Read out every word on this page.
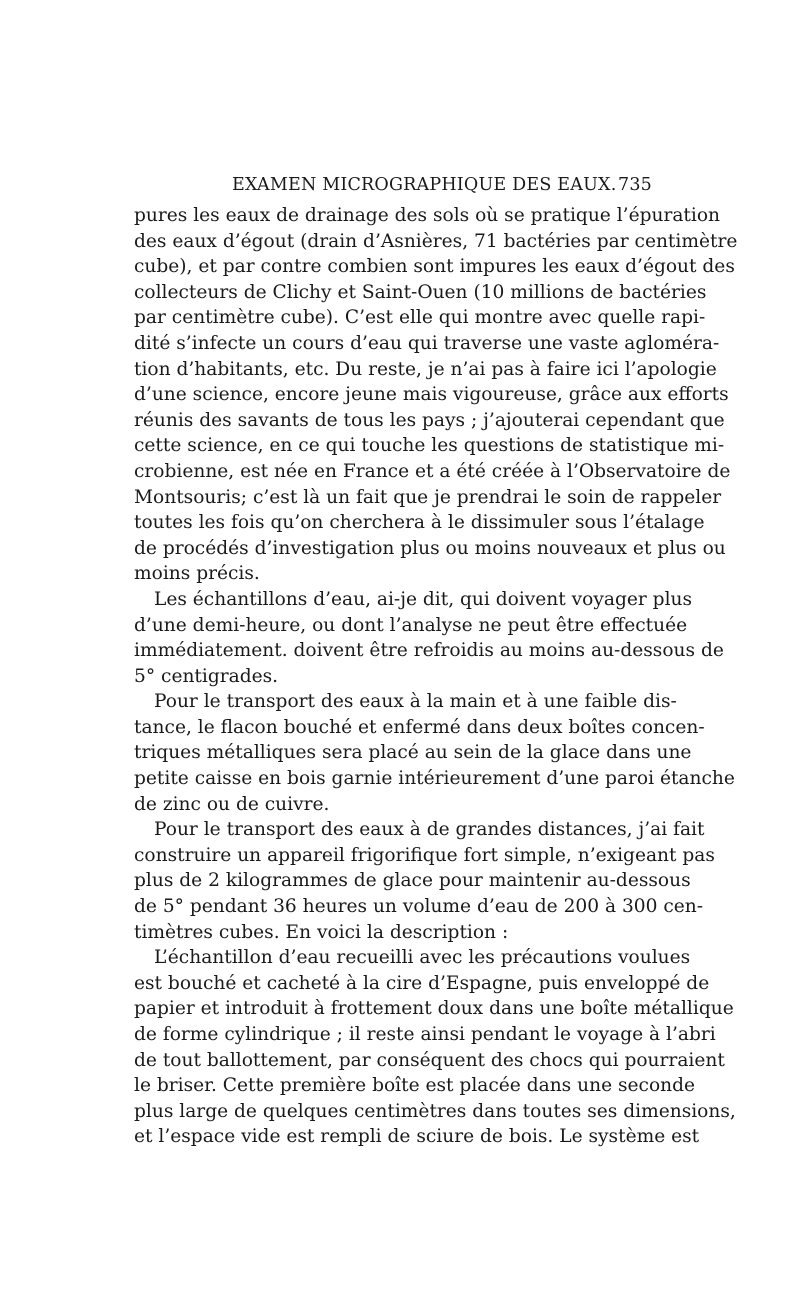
EXAMEN MICROGRAPHIQUE DES EAUX. 735
pures les eaux de drainage des sols où se pratique l’épuration
des eaux d’égout (drain d’Asnières, 71 bactéries par centimètre
cube), et par contre combien sont impures les eaux d’égout des
collecteurs de Clichy et Saint-Ouen (10 millions de bactéries
par centimètre cube). C’est elle qui montre avec quelle rapi-
dité s’infecte un cours d’eau qui traverse une vaste agloméra-
tion d’habitants, etc. Du reste, je n’ai pas à faire ici l’apologie
d’une science, encore jeune mais vigoureuse, grâce aux efforts
réunis des savants de tous les pays ; j’ajouterai cependant que
cette science, en ce qui touche les questions de statistique mi-
crobienne, est née en France et a été créée à l’Observatoire de
Montsouris; c’est là un fait que je prendrai le soin de rappeler
toutes les fois qu’on cherchera à le dissimuler sous l’étalage
de procédés d’investigation plus ou moins nouveaux et plus ou
moins précis.
Les échantillons d’eau, ai-je dit, qui doivent voyager plus
d’une demi-heure, ou dont l’analyse ne peut être effectuée
immédiatement. doivent être refroidis au moins au-dessous de
5° centigrades.
Pour le transport des eaux à la main et à une faible dis-
tance, le flacon bouché et enfermé dans deux boîtes concen-
triques métalliques sera placé au sein de la glace dans une
petite caisse en bois garnie intérieurement d’une paroi étanche
de zinc ou de cuivre.
Pour le transport des eaux à de grandes distances, j’ai fait
construire un appareil frigorifique fort simple, n’exigeant pas
plus de 2 kilogrammes de glace pour maintenir au-dessous
de 5° pendant 36 heures un volume d’eau de 200 à 300 cen-
timètres cubes. En voici la description :
L’échantillon d’eau recueilli avec les précautions voulues
est bouché et cacheté à la cire d’Espagne, puis enveloppé de
papier et introduit à frottement doux dans une boîte métallique
de forme cylindrique ; il reste ainsi pendant le voyage à l’abri
de tout ballottement, par conséquent des chocs qui pourraient
le briser. Cette première boîte est placée dans une seconde
plus large de quelques centimètres dans toutes ses dimensions,
et l’espace vide est rempli de sciure de bois. Le système est
